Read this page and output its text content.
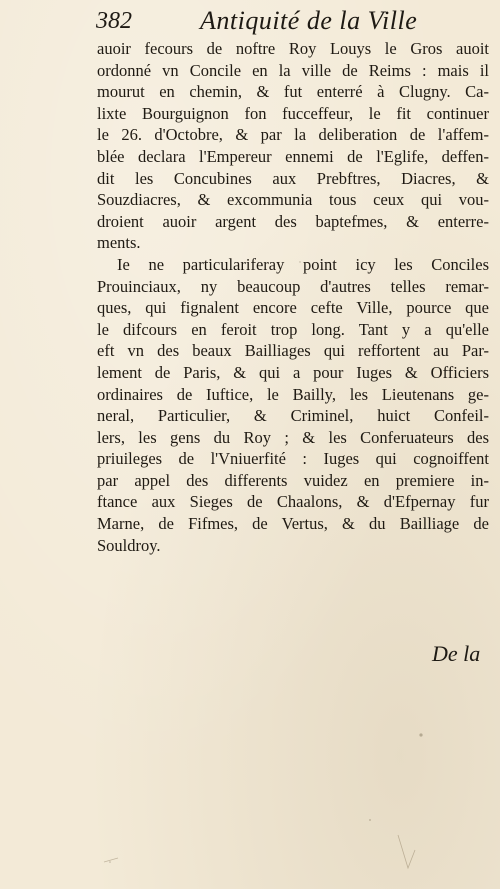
382	Antiquité de la Ville
auoir fecours de noftre Roy Louys le Gros auoit
ordonné vn Concile en la ville de Reims : mais il
mourut en chemin, & fut enterré à Clugny. Ca-
lixte Bourguignon fon fucceffeur, le fit continuer
le 26. d'Octobre, & par la deliberation de l'affem-
blée declara l'Empereur ennemi de l'Eglife, deffen-
dit les Concubines aux Prebftres, Diacres, &
Souzdiacres, & excommunia tous ceux qui vou-
droient auoir argent des baptefmes, & enterre-
ments.
Ie ne particulariferay point icy les Conciles
Prouinciaux, ny beaucoup d'autres telles remar-
ques, qui fignalent encore cefte Ville, pource que
le difcours en feroit trop long. Tant y a qu'elle
eft vn des beaux Bailliages qui reffortent au Par-
lement de Paris, & qui a pour Iuges & Officiers
ordinaires de Iuftice, le Bailly, les Lieutenans ge-
neral, Particulier, & Criminel, huict Confeil-
lers, les gens du Roy ; & les Conferuateurs des
priuileges de l'Vniuerfité : Iuges qui cognoiffent
par appel des differents vuidez en premiere in-
ftance aux Sieges de Chaalons, & d'Efpernay fur
Marne, de Fifmes, de Vertus, & du Bailliage de
Souldroy.
De la
